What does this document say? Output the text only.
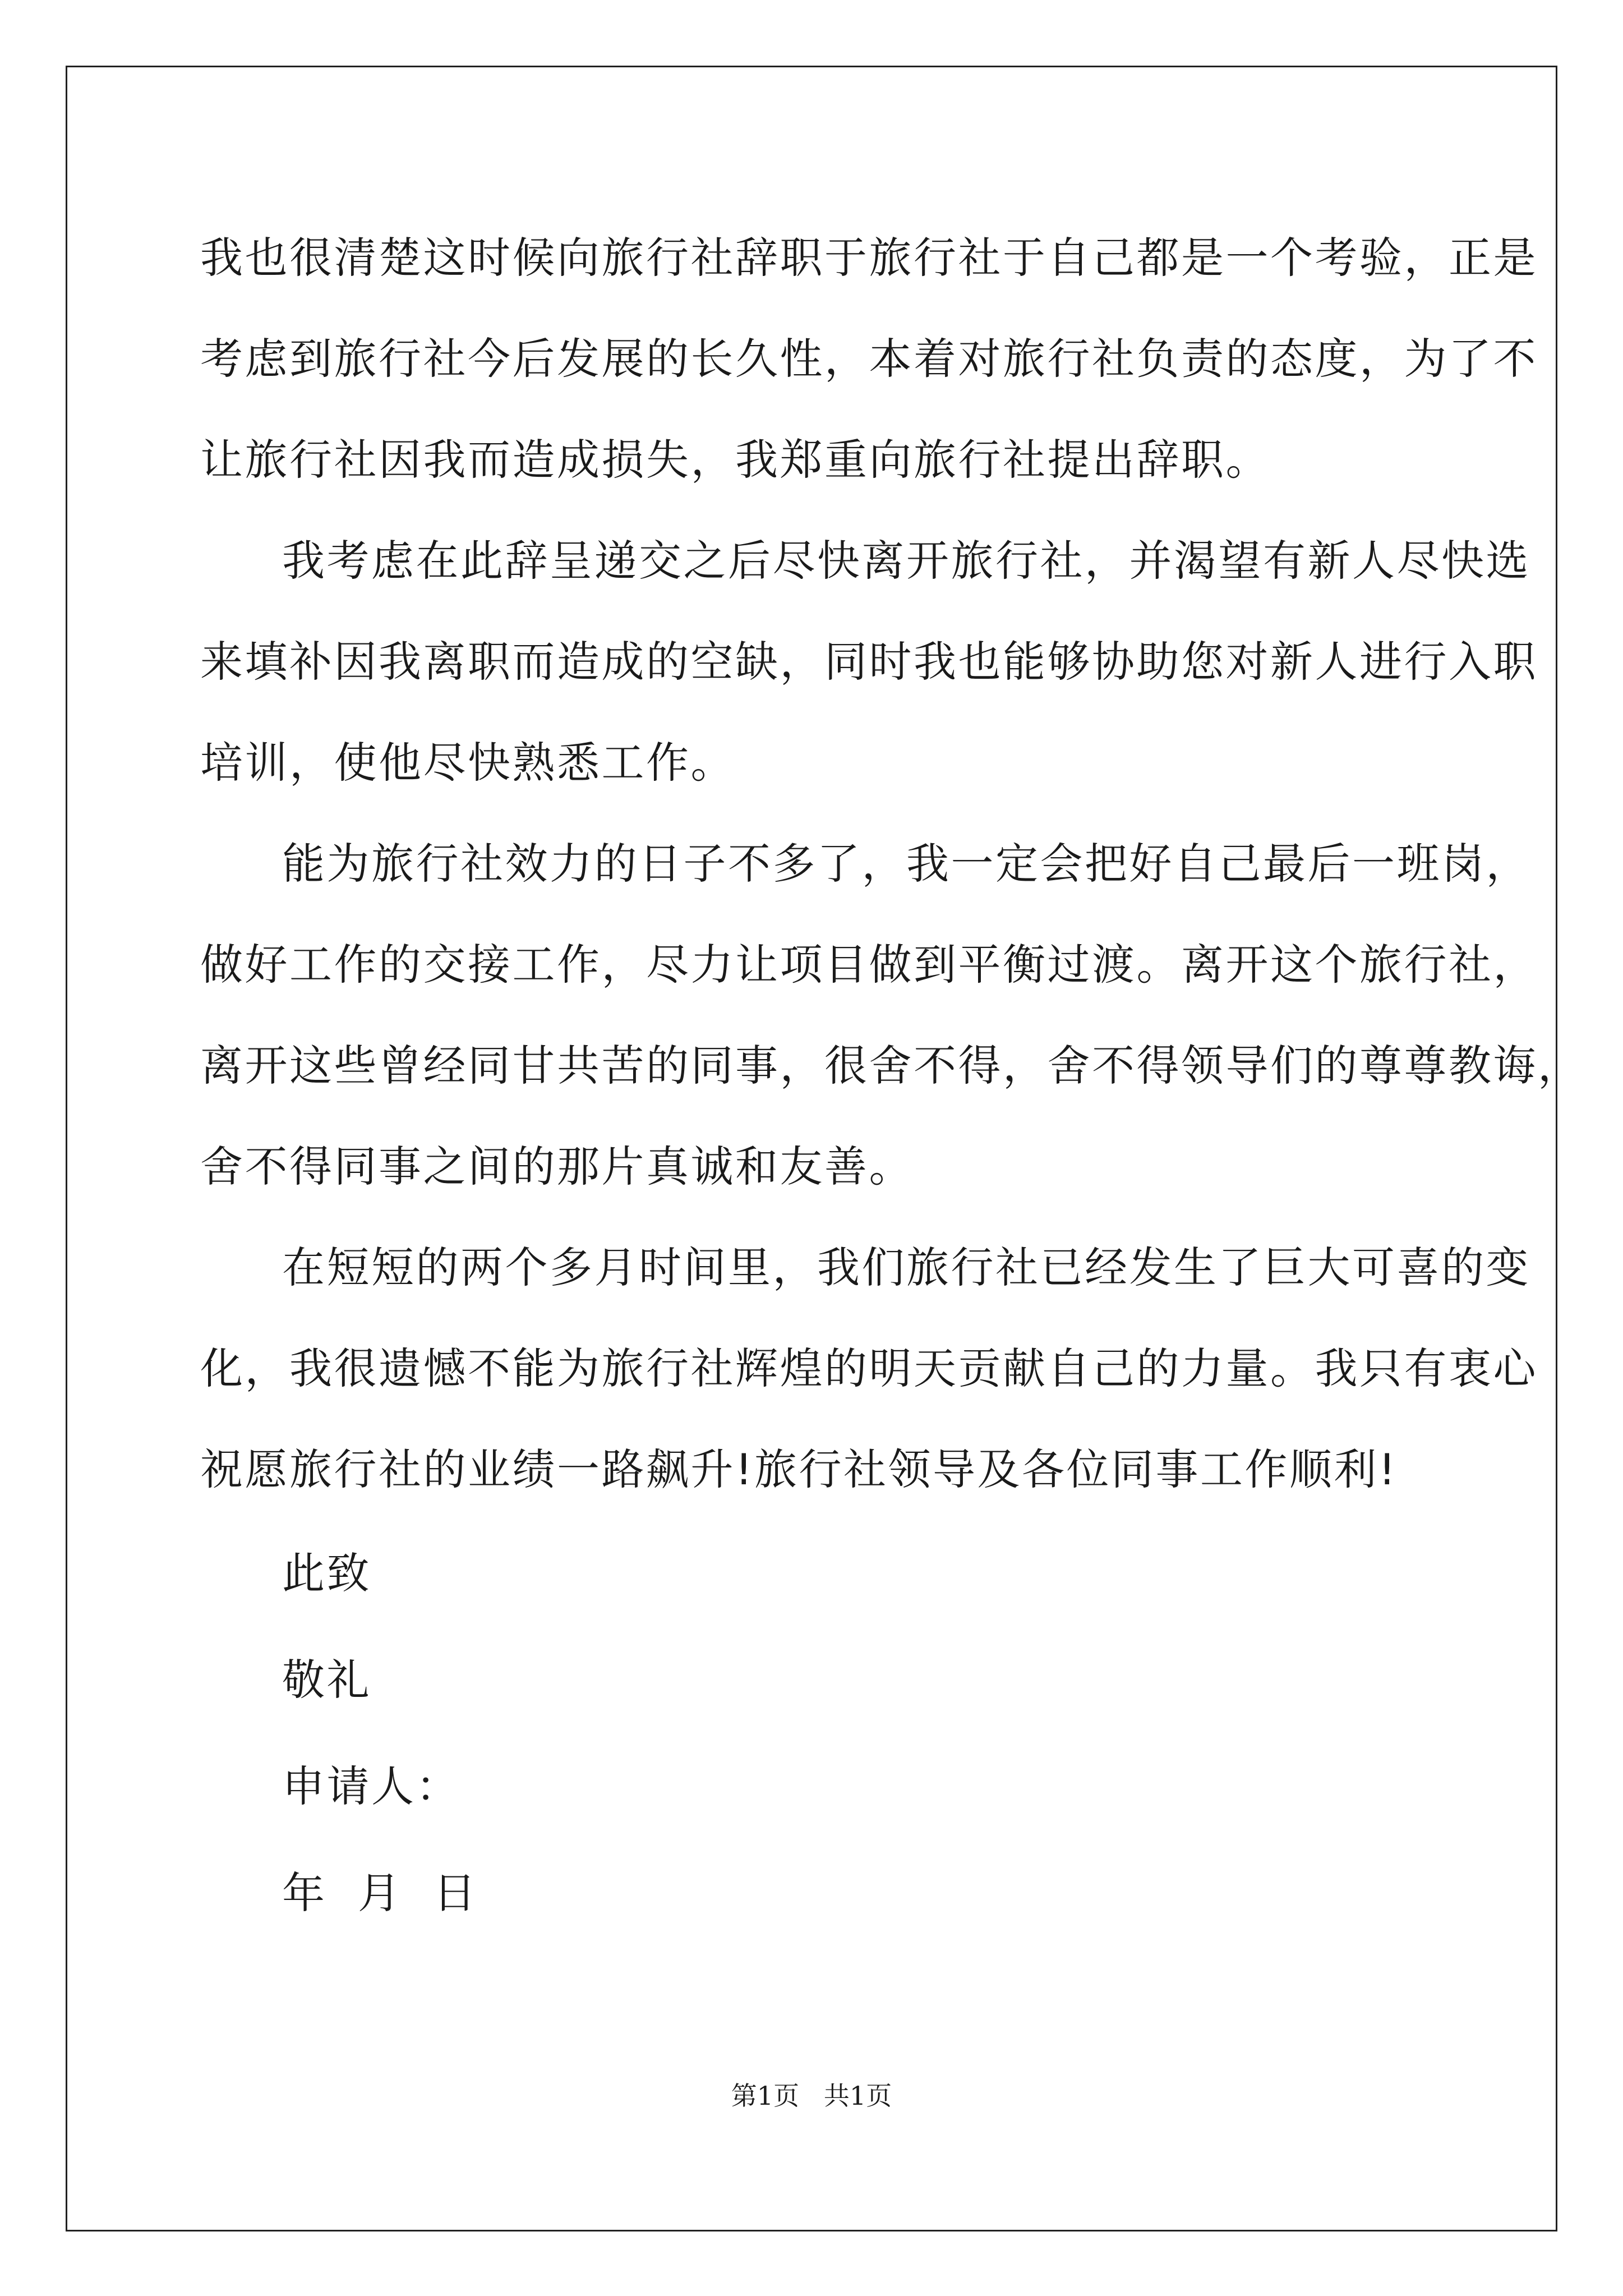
我也很清楚这时候向旅行社辞职于旅行社于自己都是一个考验，正是
考虑到旅行社今后发展的长久性，本着对旅行社负责的态度，为了不
让旅行社因我而造成损失，我郑重向旅行社提出辞职。
我考虑在此辞呈递交之后尽快离开旅行社，并渴望有新人尽快选
来填补因我离职而造成的空缺，同时我也能够协助您对新人进行入职
培训，使他尽快熟悉工作。
能为旅行社效力的日子不多了，我一定会把好自己最后一班岗，
做好工作的交接工作，尽力让项目做到平衡过渡。离开这个旅行社，
离开这些曾经同甘共苦的同事，很舍不得，舍不得领导们的尊尊教诲，
舍不得同事之间的那片真诚和友善。
在短短的两个多月时间里，我们旅行社已经发生了巨大可喜的变
化，我很遗憾不能为旅行社辉煌的明天贡献自己的力量。我只有衷心
祝愿旅行社的业绩一路飙升!旅行社领导及各位同事工作顺利!
此致
敬礼
申请人：
年  月  日
第1页   共1页
